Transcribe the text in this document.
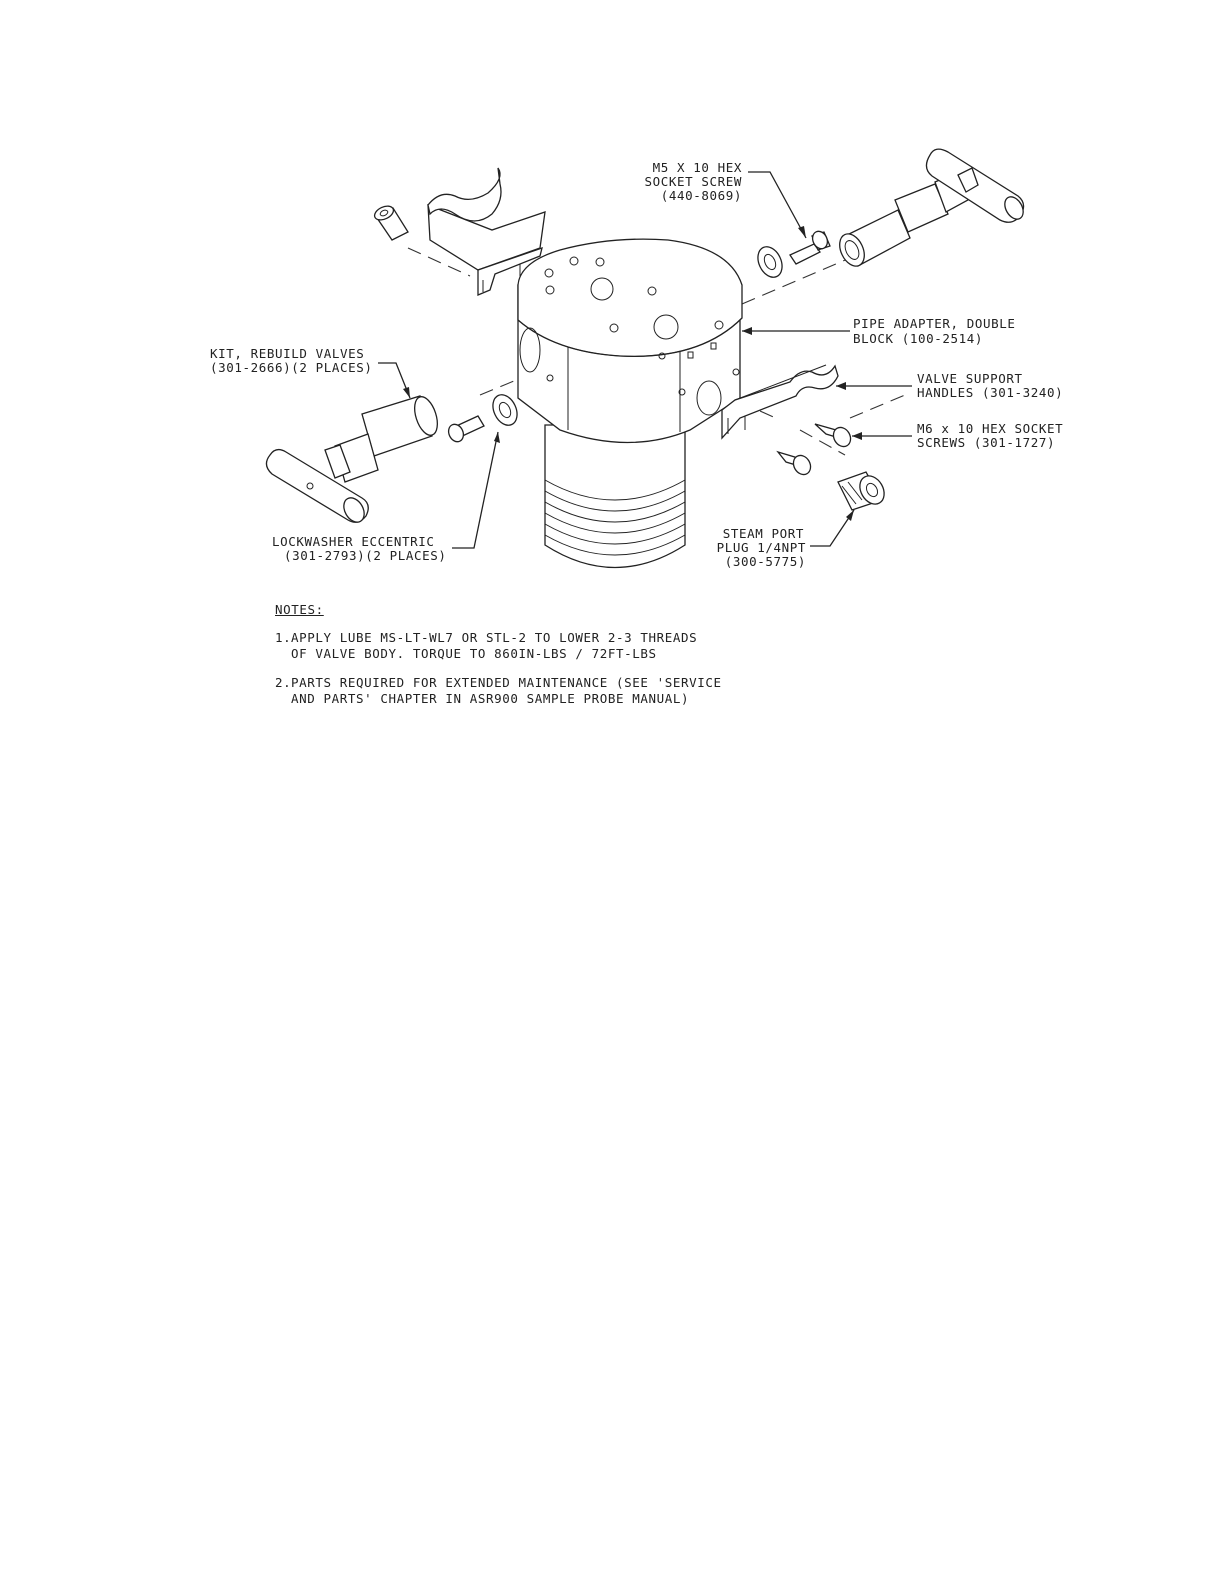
M5 X 10 HEX
SOCKET SCREW
(440-8069)
PIPE ADAPTER, DOUBLE
BLOCK (100-2514)
KIT, REBUILD VALVES
(301-2666)(2 PLACES)
VALVE SUPPORT
HANDLES (301-3240)
M6 x 10 HEX SOCKET
SCREWS (301-1727)
LOCKWASHER ECCENTRIC
(301-2793)(2 PLACES)
STEAM PORT
PLUG 1/4NPT
(300-5775)
NOTES:
1. APPLY LUBE MS-LT-WL7 OR STL-2 TO LOWER 2-3 THREADS
OF VALVE BODY. TORQUE TO 860IN-LBS / 72FT-LBS
2. PARTS REQUIRED FOR EXTENDED MAINTENANCE (SEE 'SERVICE
AND PARTS' CHAPTER IN ASR900 SAMPLE PROBE MANUAL)
